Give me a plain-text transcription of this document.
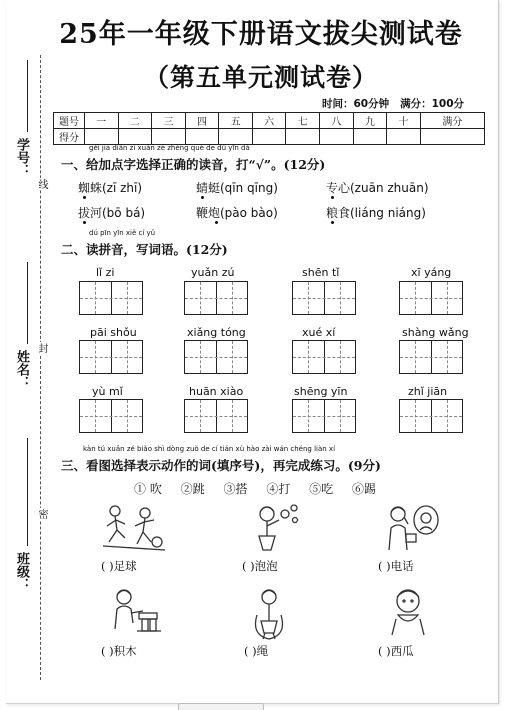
学号：
线
姓名：
封
班级：
密
25年一年级下册语文拔尖测试卷
（第五单元测试卷）
时间：60分钟 满分：100分
题号	一	二	三	四	五	六	七	八	九	十	满分
得分											
gěi jiā diǎn zì xuǎn zé zhèng què de dú yīn dǎ
一、给加点字选择正确的读音，打“√”。(12分)
蜘蛛(zī zhī)	蜻蜓(qīn qīng)	专心(zuān zhuān)
拔河(bō bá)	鞭炮(pào bào)	粮食(liáng niáng)
dú pīn yīn xiě cí yǔ
二、读拼音，写词语。(12分)
lǐ zi	yuǎn zú	shēn tǐ	xī yáng
pāi shǒu	xiǎng tóng	xué xí	shàng wǎng
yù mǐ	huān xiào	shēng yīn	zhǐ jiān
kàn tú xuǎn zé biǎo shì dòng zuò de cí tián xù hào zài wán chéng liàn xí
三、看图选择表示动作的词(填序号)，再完成练习。(9分)
① 吹 ②跳 ③搭 ④打 ⑤吃 ⑥踢
( )足球	( )泡泡	( )电话
( )积木	( )绳	( )西瓜
